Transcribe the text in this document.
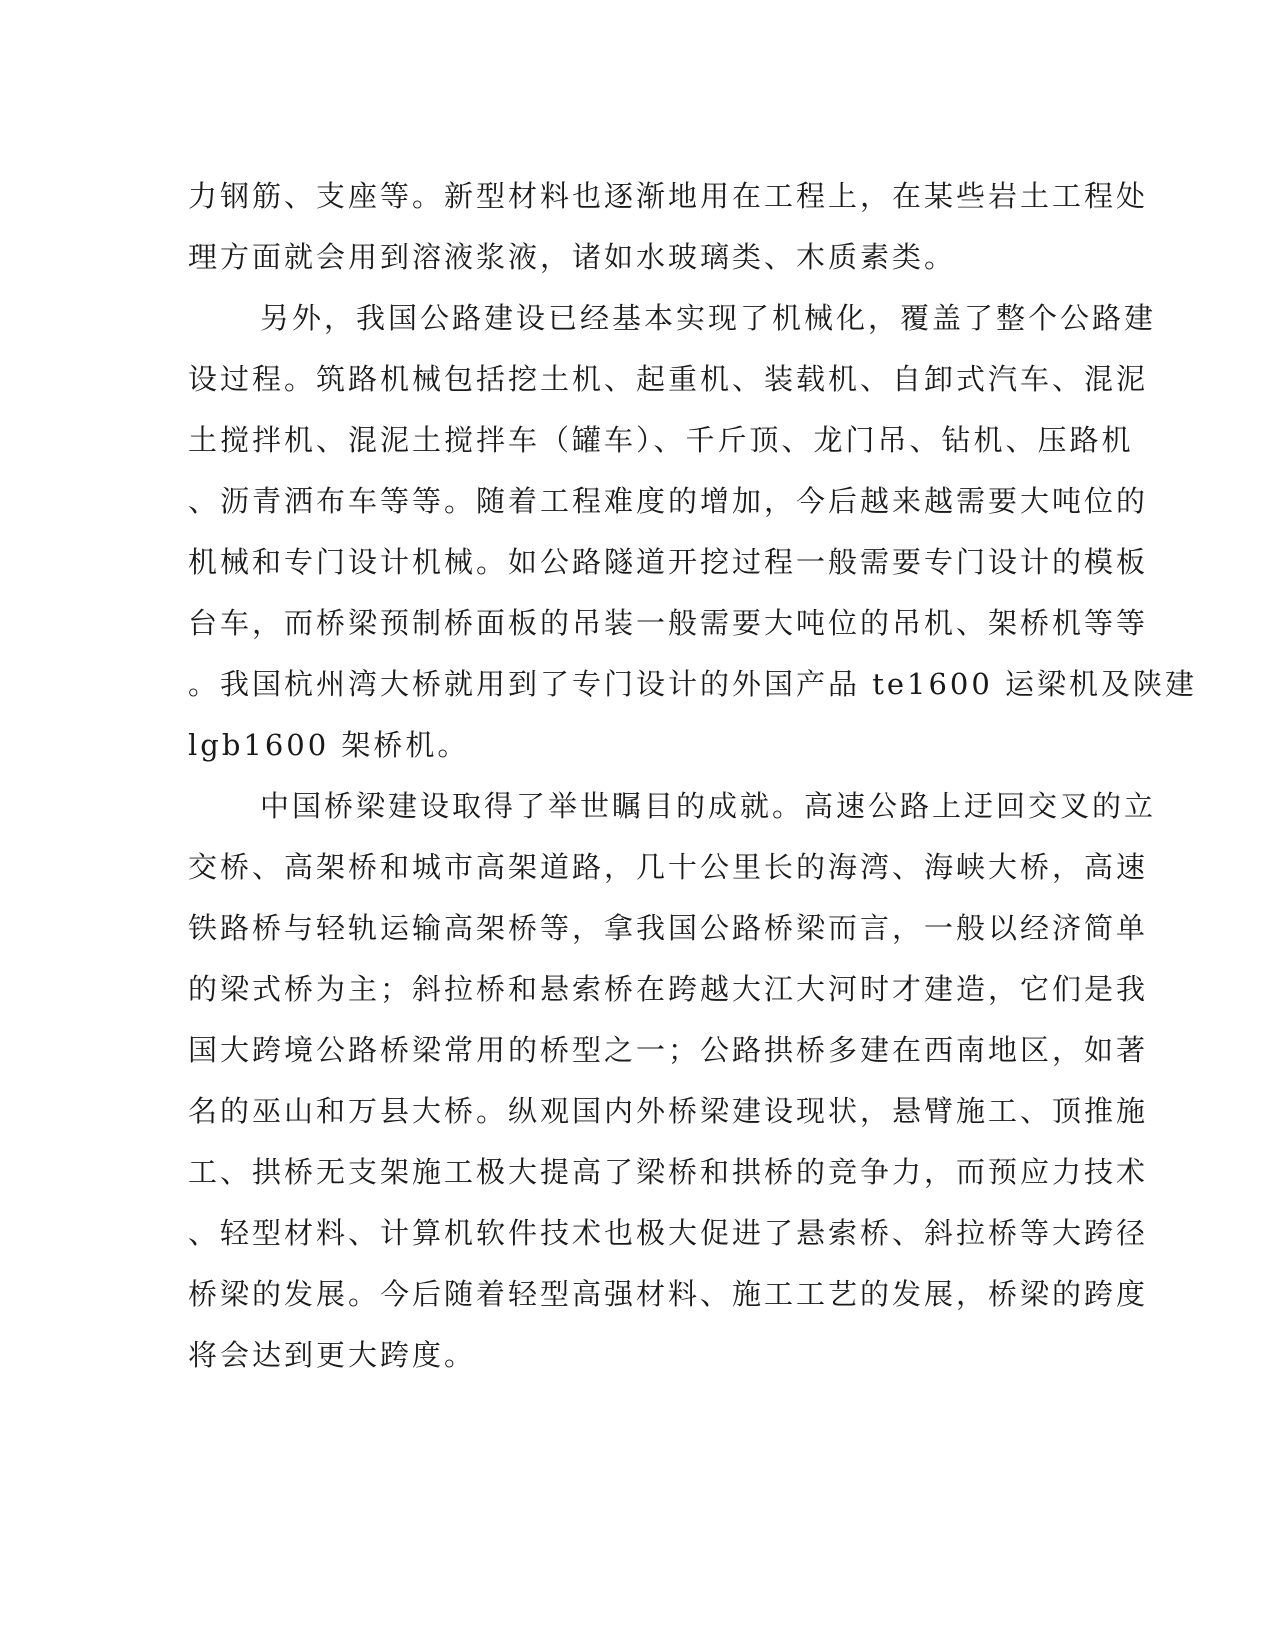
力钢筋、支座等。新型材料也逐渐地用在工程上，在某些岩土工程处
理方面就会用到溶液浆液，诸如水玻璃类、木质素类。
另外，我国公路建设已经基本实现了机械化，覆盖了整个公路建
设过程。筑路机械包括挖土机、起重机、装载机、自卸式汽车、混泥
土搅拌机、混泥土搅拌车（罐车）、千斤顶、龙门吊、钻机、压路机
、沥青洒布车等等。随着工程难度的增加，今后越来越需要大吨位的
机械和专门设计机械。如公路隧道开挖过程一般需要专门设计的模板
台车，而桥梁预制桥面板的吊装一般需要大吨位的吊机、架桥机等等
。我国杭州湾大桥就用到了专门设计的外国产品 te1600 运梁机及陕建
lgb1600 架桥机。
中国桥梁建设取得了举世瞩目的成就。高速公路上迂回交叉的立
交桥、高架桥和城市高架道路，几十公里长的海湾、海峡大桥，高速
铁路桥与轻轨运输高架桥等，拿我国公路桥梁而言，一般以经济简单
的梁式桥为主；斜拉桥和悬索桥在跨越大江大河时才建造，它们是我
国大跨境公路桥梁常用的桥型之一；公路拱桥多建在西南地区，如著
名的巫山和万县大桥。纵观国内外桥梁建设现状，悬臂施工、顶推施
工、拱桥无支架施工极大提高了梁桥和拱桥的竞争力，而预应力技术
、轻型材料、计算机软件技术也极大促进了悬索桥、斜拉桥等大跨径
桥梁的发展。今后随着轻型高强材料、施工工艺的发展，桥梁的跨度
将会达到更大跨度。
